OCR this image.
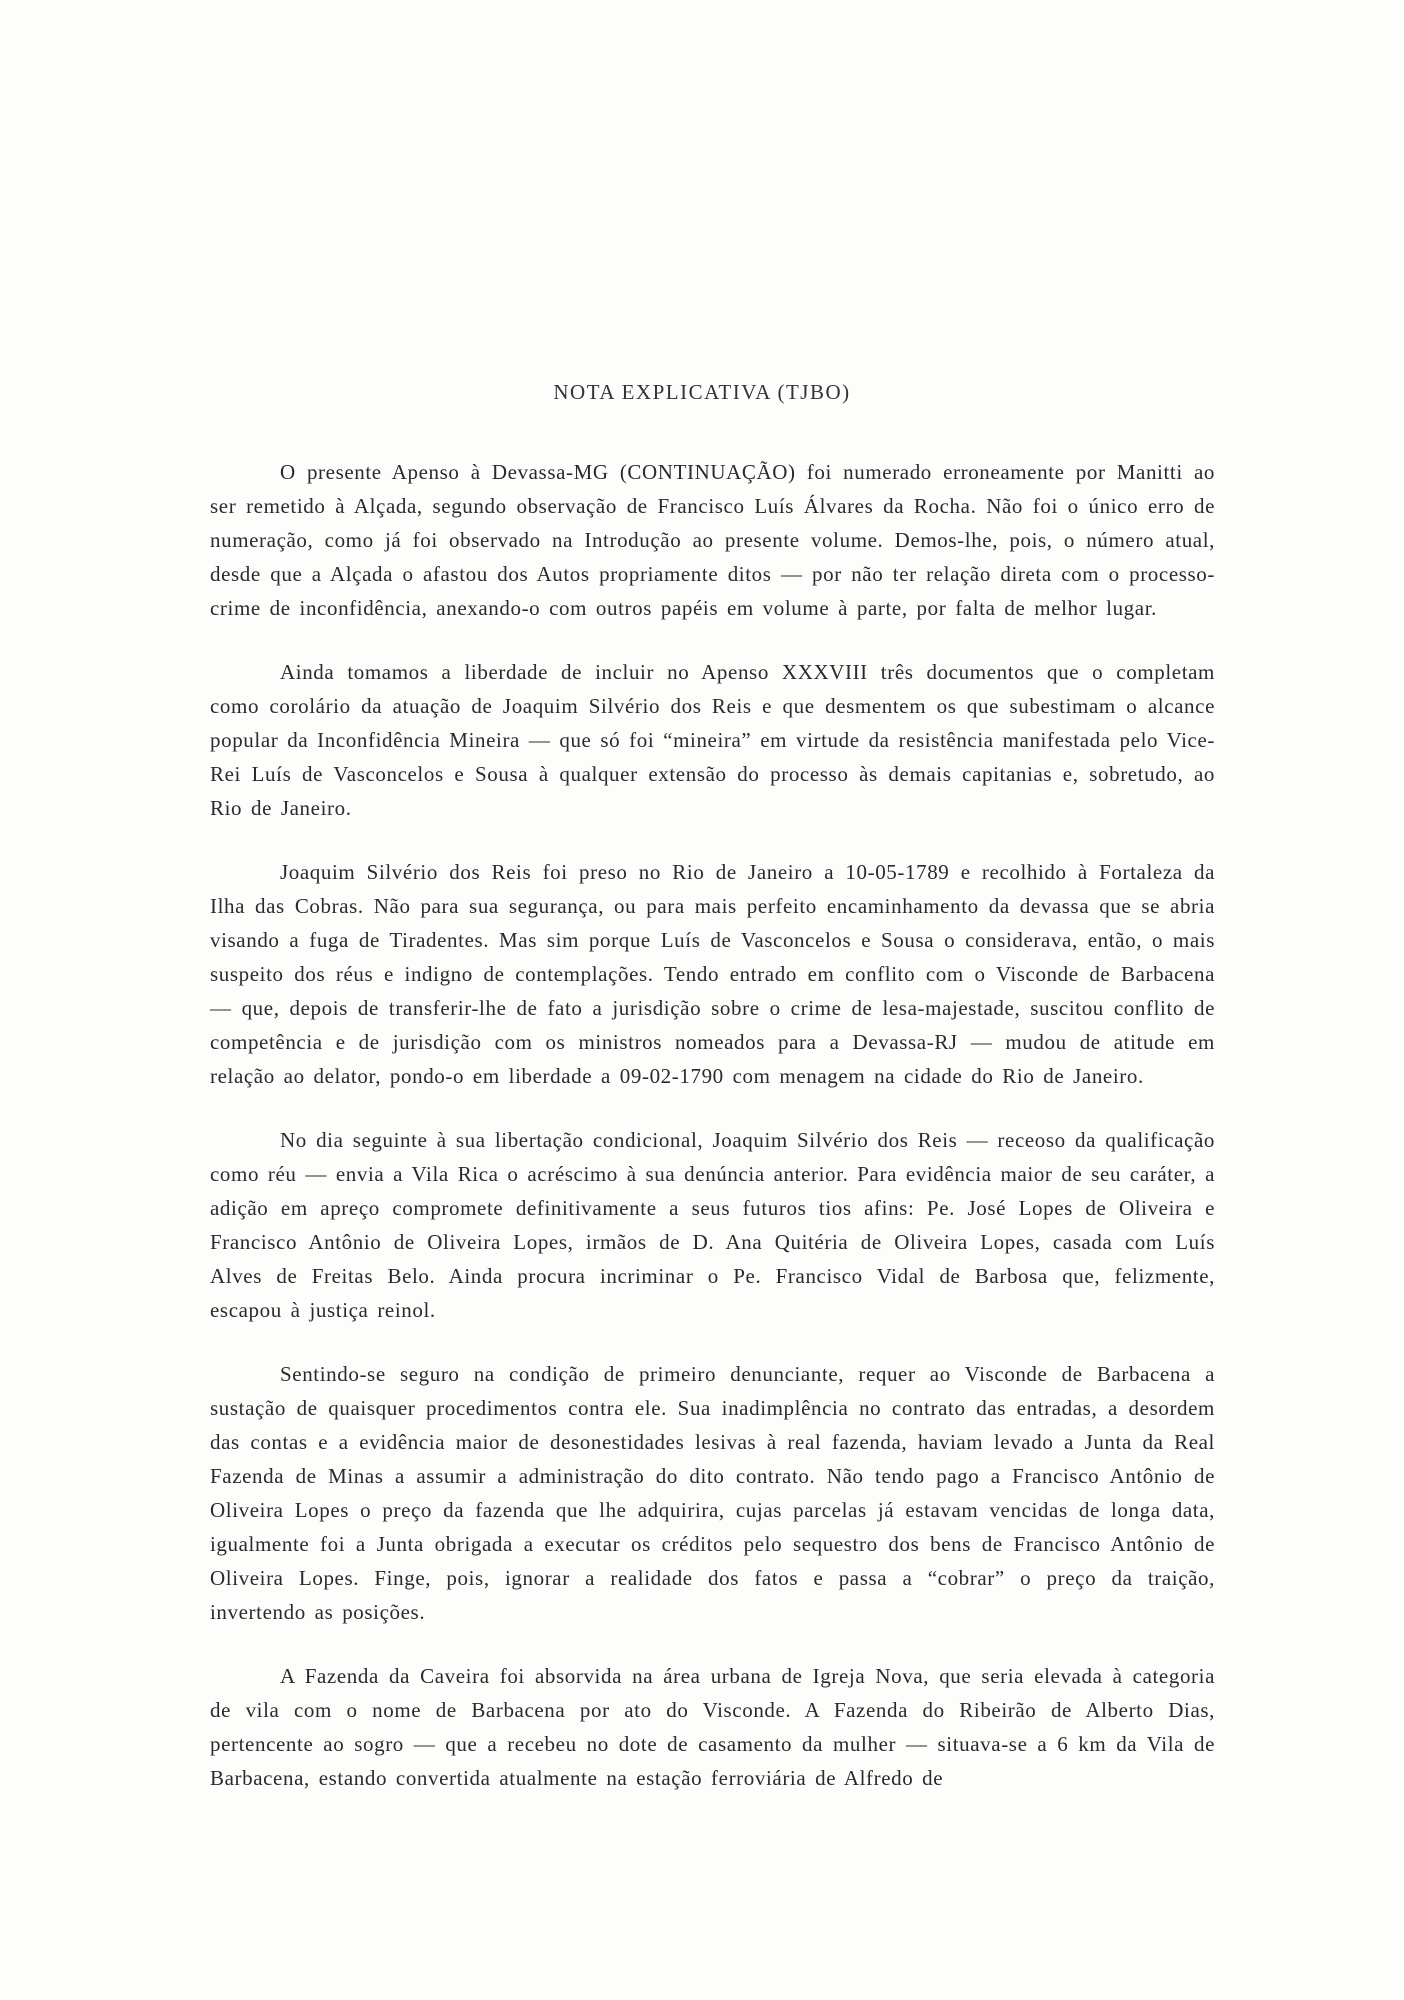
NOTA EXPLICATIVA (TJBO)

O presente Apenso à Devassa-MG (CONTINUAÇÃO) foi numerado erroneamente por Manitti ao ser remetido à Alçada, segundo observação de Francisco Luís Álvares da Rocha. Não foi o único erro de numeração, como já foi observado na Introdução ao presente volume. Demos-lhe, pois, o número atual, desde que a Alçada o afastou dos Autos propriamente ditos — por não ter relação direta com o processo-crime de inconfidência, anexando-o com outros papéis em volume à parte, por falta de melhor lugar.

Ainda tomamos a liberdade de incluir no Apenso XXXVIII três documentos que o completam como corolário da atuação de Joaquim Silvério dos Reis e que desmentem os que subestimam o alcance popular da Inconfidência Mineira — que só foi “mineira” em virtude da resistência manifestada pelo Vice-Rei Luís de Vasconcelos e Sousa à qualquer extensão do processo às demais capitanias e, sobretudo, ao Rio de Janeiro.

Joaquim Silvério dos Reis foi preso no Rio de Janeiro a 10-05-1789 e recolhido à Fortaleza da Ilha das Cobras. Não para sua segurança, ou para mais perfeito encaminhamento da devassa que se abria visando a fuga de Tiradentes. Mas sim porque Luís de Vasconcelos e Sousa o considerava, então, o mais suspeito dos réus e indigno de contemplações. Tendo entrado em conflito com o Visconde de Barbacena — que, depois de transferir-lhe de fato a jurisdição sobre o crime de lesa-majestade, suscitou conflito de competência e de jurisdição com os ministros nomeados para a Devassa-RJ — mudou de atitude em relação ao delator, pondo-o em liberdade a 09-02-1790 com menagem na cidade do Rio de Janeiro.

No dia seguinte à sua libertação condicional, Joaquim Silvério dos Reis — receoso da qualificação como réu — envia a Vila Rica o acréscimo à sua denúncia anterior. Para evidência maior de seu caráter, a adição em apreço compromete definitivamente a seus futuros tios afins: Pe. José Lopes de Oliveira e Francisco Antônio de Oliveira Lopes, irmãos de D. Ana Quitéria de Oliveira Lopes, casada com Luís Alves de Freitas Belo. Ainda procura incriminar o Pe. Francisco Vidal de Barbosa que, felizmente, escapou à justiça reinol.

Sentindo-se seguro na condição de primeiro denunciante, requer ao Visconde de Barbacena a sustação de quaisquer procedimentos contra ele. Sua inadimplência no contrato das entradas, a desordem das contas e a evidência maior de desonestidades lesivas à real fazenda, haviam levado a Junta da Real Fazenda de Minas a assumir a administração do dito contrato. Não tendo pago a Francisco Antônio de Oliveira Lopes o preço da fazenda que lhe adquirira, cujas parcelas já estavam vencidas de longa data, igualmente foi a Junta obrigada a executar os créditos pelo sequestro dos bens de Francisco Antônio de Oliveira Lopes. Finge, pois, ignorar a realidade dos fatos e passa a “cobrar” o preço da traição, invertendo as posições.

A Fazenda da Caveira foi absorvida na área urbana de Igreja Nova, que seria elevada à categoria de vila com o nome de Barbacena por ato do Visconde. A Fazenda do Ribeirão de Alberto Dias, pertencente ao sogro — que a recebeu no dote de casamento da mulher — situava-se a 6 km da Vila de Barbacena, estando convertida atualmente na estação ferroviária de Alfredo de
